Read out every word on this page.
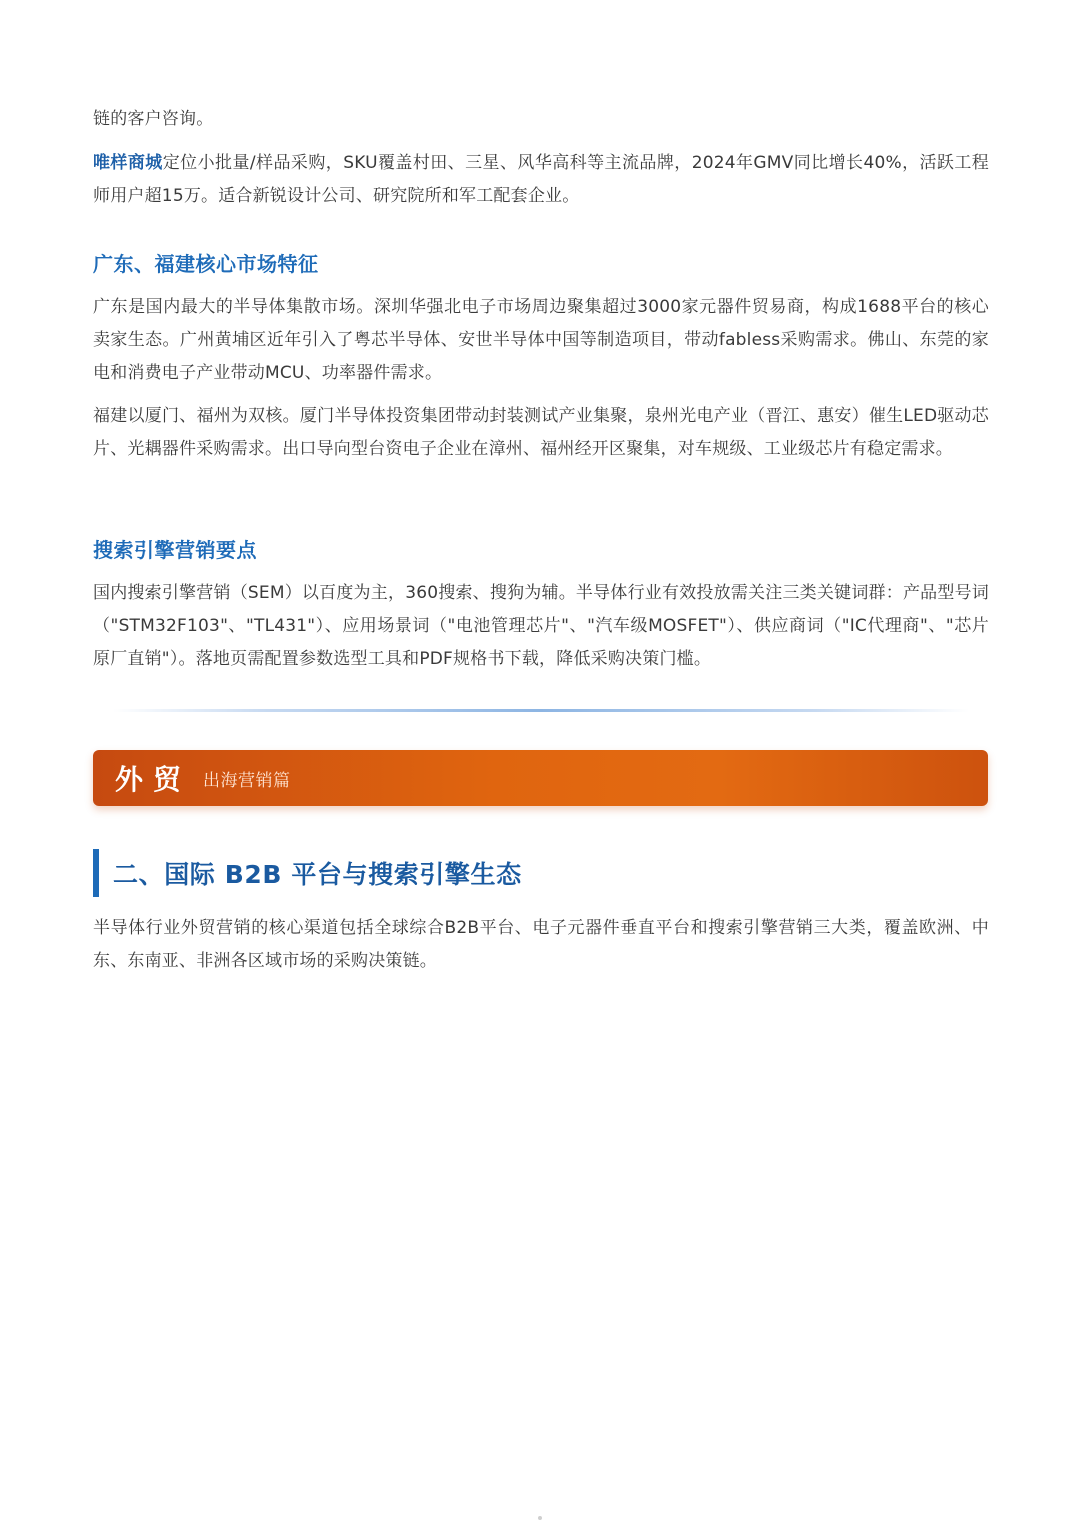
链的客户咨询。

唯样商城定位小批量/样品采购，SKU覆盖村田、三星、风华高科等主流品牌，2024年GMV同比增长40%，活跃工程师用户超15万。适合新锐设计公司、研究院所和军工配套企业。

广东、福建核心市场特征

广东是国内最大的半导体集散市场。深圳华强北电子市场周边聚集超过3000家元器件贸易商，构成1688平台的核心卖家生态。广州黄埔区近年引入了粤芯半导体、安世半导体中国等制造项目，带动fabless采购需求。佛山、东莞的家电和消费电子产业带动MCU、功率器件需求。

福建以厦门、福州为双核。厦门半导体投资集团带动封装测试产业集聚，泉州光电产业（晋江、惠安）催生LED驱动芯片、光耦器件采购需求。出口导向型台资电子企业在漳州、福州经开区聚集，对车规级、工业级芯片有稳定需求。

搜索引擎营销要点

国内搜索引擎营销（SEM）以百度为主，360搜索、搜狗为辅。半导体行业有效投放需关注三类关键词群：产品型号词（"STM32F103"、"TL431"）、应用场景词（"电池管理芯片"、"汽车级MOSFET"）、供应商词（"IC代理商"、"芯片原厂直销"）。落地页需配置参数选型工具和PDF规格书下载，降低采购决策门槛。

外贸 出海营销篇
二、国际 B2B 平台与搜索引擎生态

半导体行业外贸营销的核心渠道包括全球综合B2B平台、电子元器件垂直平台和搜索引擎营销三大类，覆盖欧洲、中东、东南亚、非洲各区域市场的采购决策链。
